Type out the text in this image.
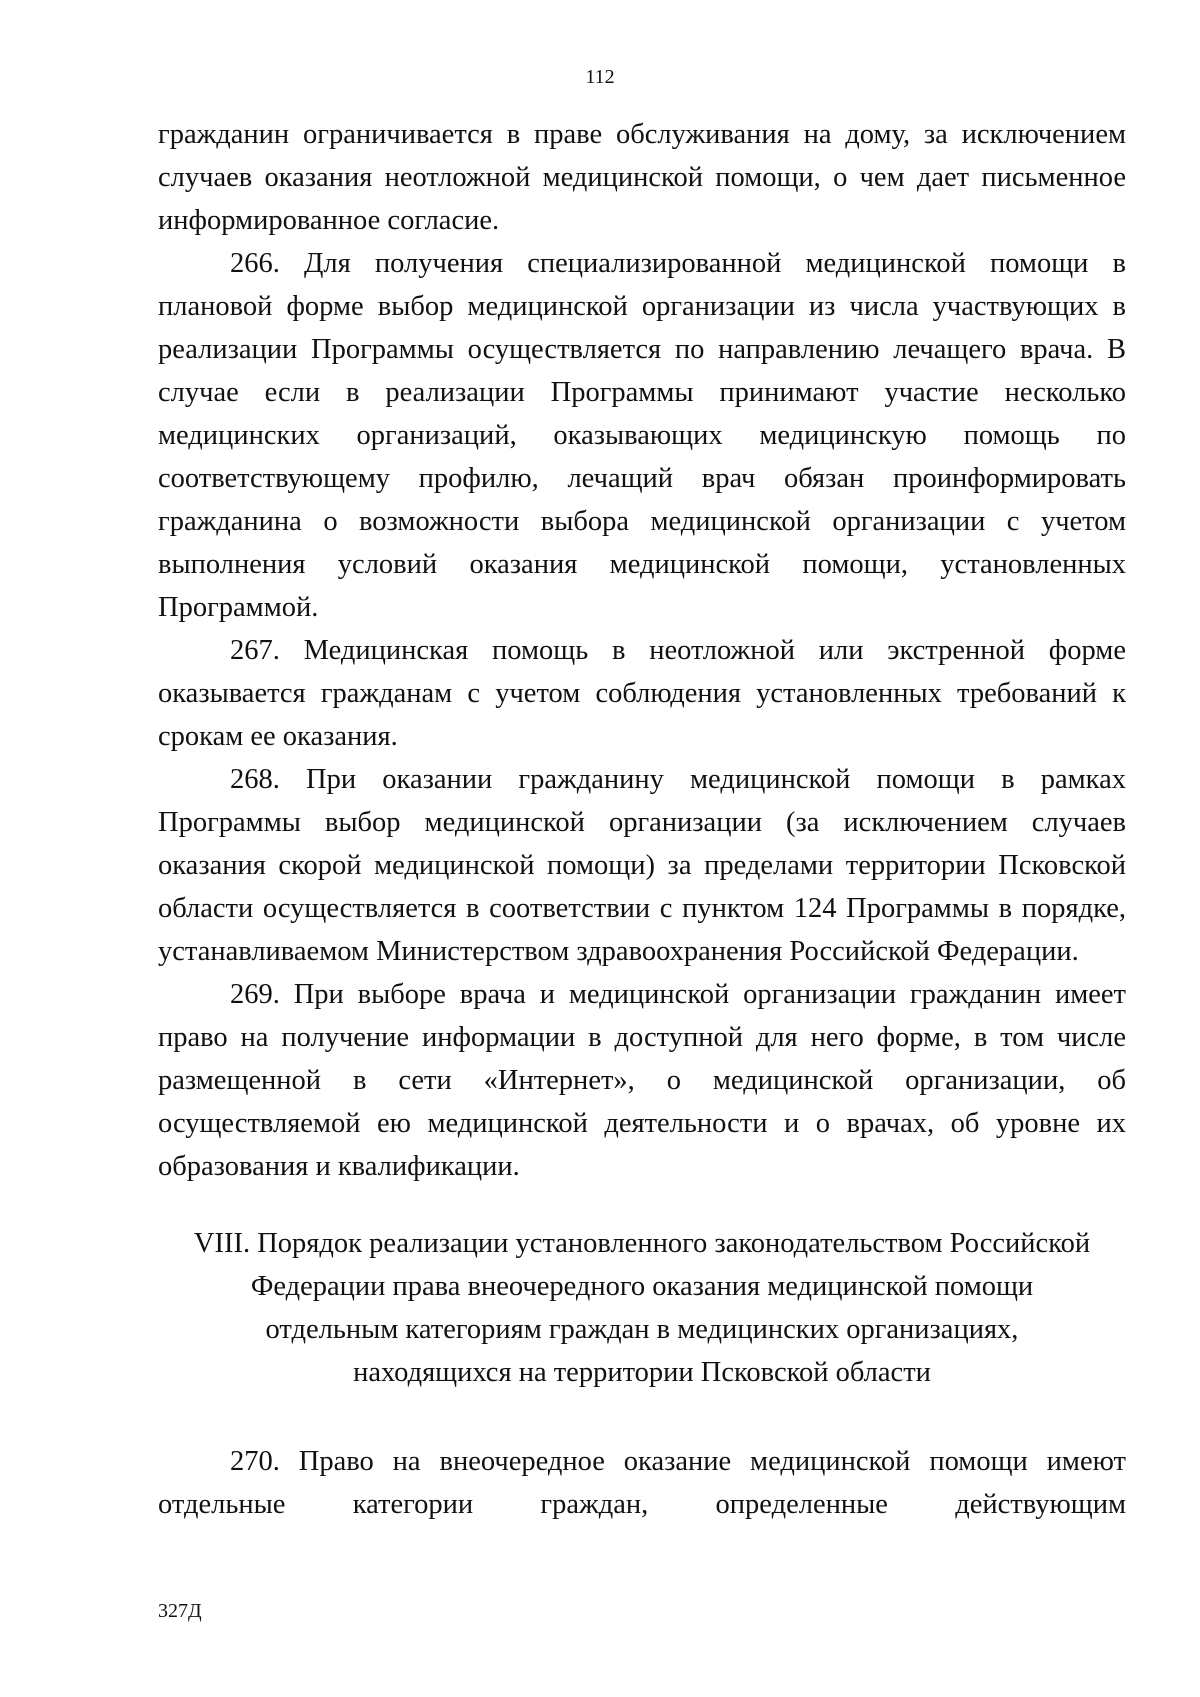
112

гражданин ограничивается в праве обслуживания на дому, за исключением случаев оказания неотложной медицинской помощи, о чем дает письменное информированное согласие.

266. Для получения специализированной медицинской помощи в плановой форме выбор медицинской организации из числа участвующих в реализации Программы осуществляется по направлению лечащего врача. В случае если в реализации Программы принимают участие несколько медицинских организаций, оказывающих медицинскую помощь по соответствующему профилю, лечащий врач обязан проинформировать гражданина о возможности выбора медицинской организации с учетом выполнения условий оказания медицинской помощи, установленных Программой.

267. Медицинская помощь в неотложной или экстренной форме оказывается гражданам с учетом соблюдения установленных требований к срокам ее оказания.

268. При оказании гражданину медицинской помощи в рамках Программы выбор медицинской организации (за исключением случаев оказания скорой медицинской помощи) за пределами территории Псковской области осуществляется в соответствии с пунктом 124 Программы в порядке, устанавливаемом Министерством здравоохранения Российской Федерации.

269. При выборе врача и медицинской организации гражданин имеет право на получение информации в доступной для него форме, в том числе размещенной в сети «Интернет», о медицинской организации, об осуществляемой ею медицинской деятельности и о врачах, об уровне их образования и квалификации.

VIII. Порядок реализации установленного законодательством Российской
Федерации права внеочередного оказания медицинской помощи
отдельным категориям граждан в медицинских организациях,
находящихся на территории Псковской области

270. Право на внеочередное оказание медицинской помощи имеют отдельные категории граждан, определенные действующим

327Д
